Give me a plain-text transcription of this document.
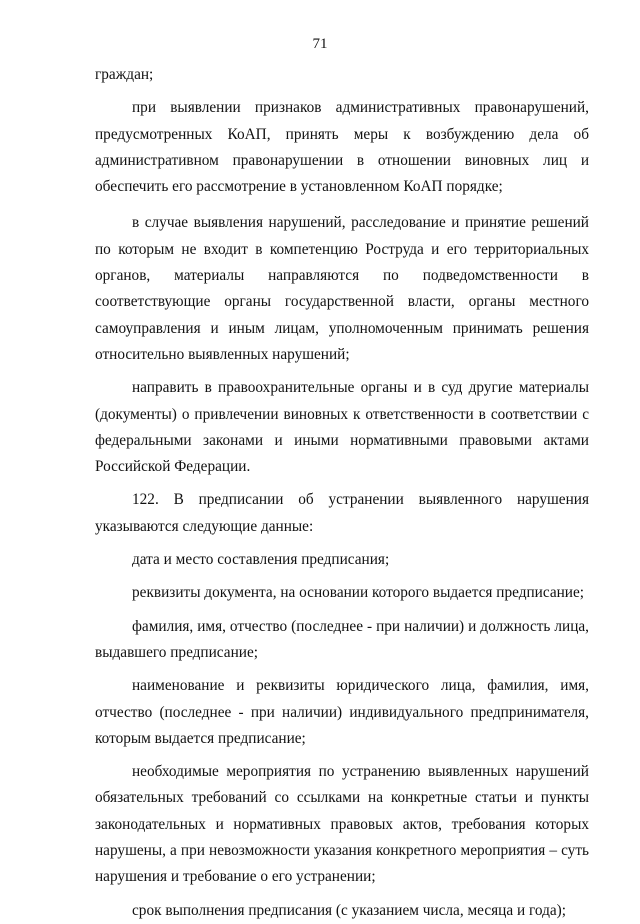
71

граждан;

при выявлении признаков административных правонарушений, предусмотренных КоАП, принять меры к возбуждению дела об административном правонарушении в отношении виновных лиц и обеспечить его рассмотрение в установленном КоАП порядке;

в случае выявления нарушений, расследование и принятие решений по которым не входит в компетенцию Роструда и его территориальных органов, материалы направляются по подведомственности в соответствующие органы государственной власти, органы местного самоуправления и иным лицам, уполномоченным принимать решения относительно выявленных нарушений;

направить в правоохранительные органы и в суд другие материалы (документы) о привлечении виновных к ответственности в соответствии с федеральными законами и иными нормативными правовыми актами Российской Федерации.

122. В предписании об устранении выявленного нарушения указываются следующие данные:

дата и место составления предписания;

реквизиты документа, на основании которого выдается предписание;

фамилия, имя, отчество (последнее - при наличии) и должность лица, выдавшего предписание;

наименование и реквизиты юридического лица, фамилия, имя, отчество (последнее - при наличии) индивидуального предпринимателя, которым выдается предписание;

необходимые мероприятия по устранению выявленных нарушений обязательных требований со ссылками на конкретные статьи и пункты законодательных и нормативных правовых актов, требования которых нарушены, а при невозможности указания конкретного мероприятия – суть нарушения и требование о его устранении;

срок выполнения предписания (с указанием числа, месяца и года);
